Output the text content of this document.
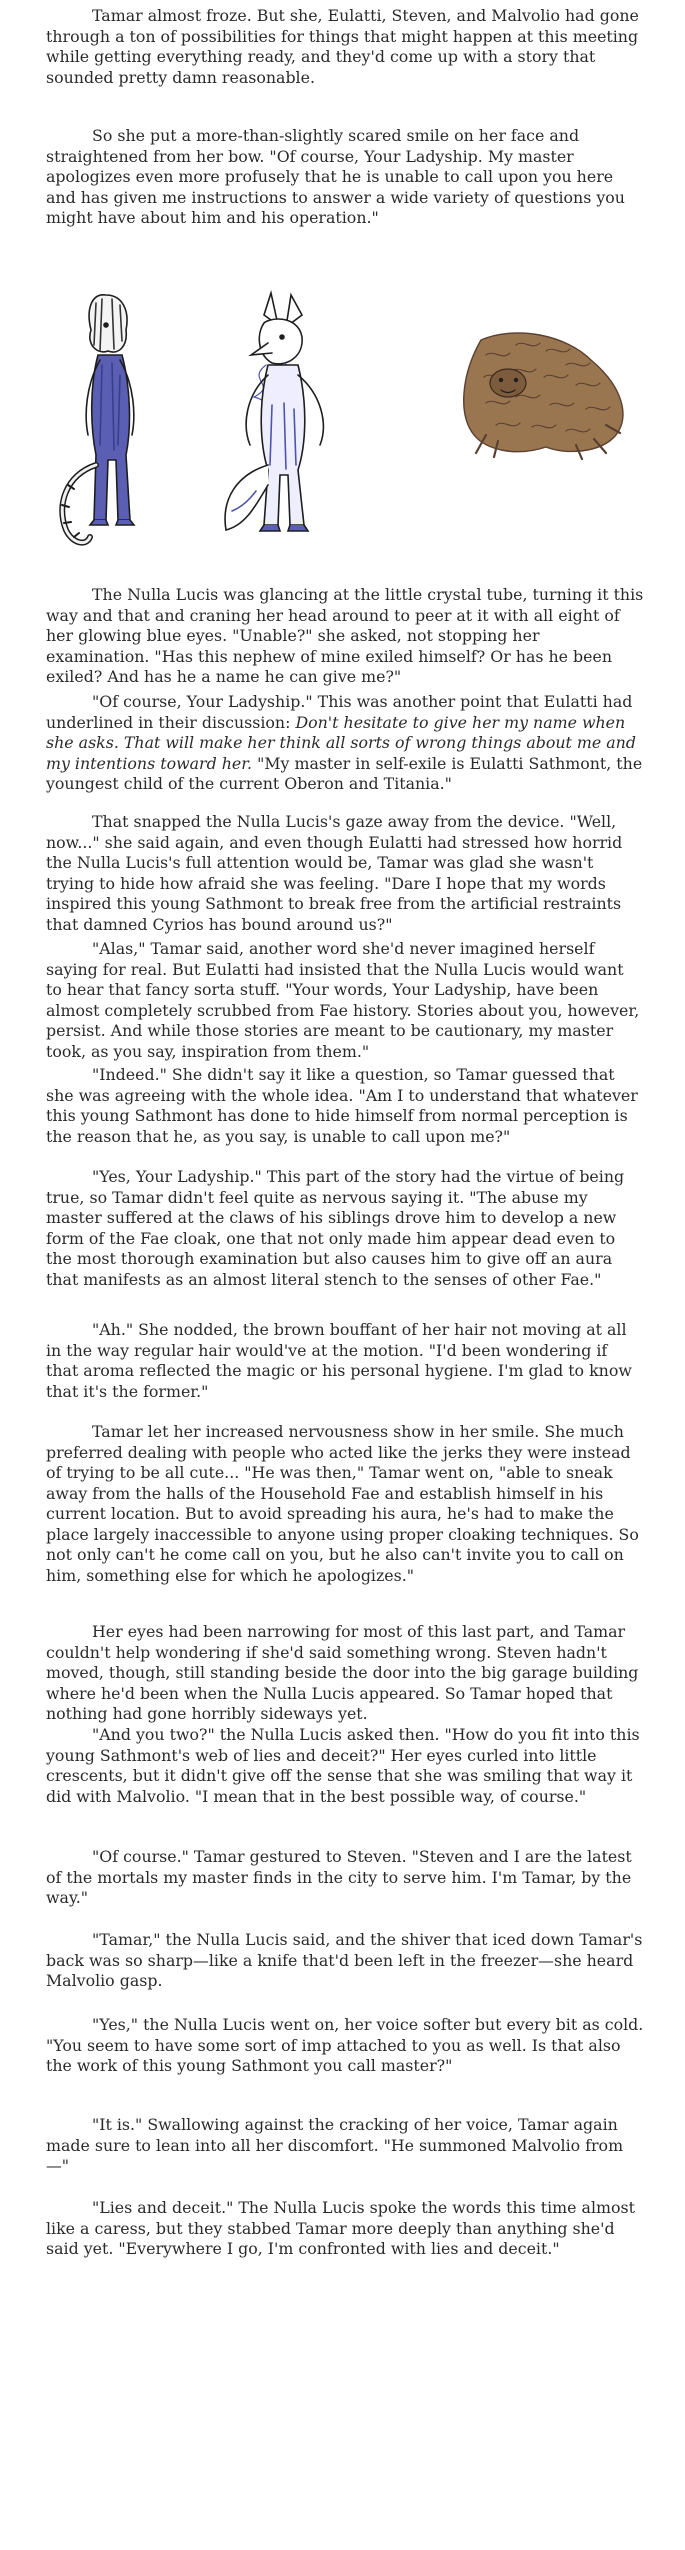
Tamar almost froze. But she, Eulatti, Steven, and Malvolio had gone through a ton of possibilities for things that might happen at this meeting while getting everything ready, and they'd come up with a story that sounded pretty damn reasonable.

So she put a more-than-slightly scared smile on her face and straightened from her bow. "Of course, Your Ladyship. My master apologizes even more profusely that he is unable to call upon you here and has given me instructions to answer a wide variety of questions you might have about him and his operation."

The Nulla Lucis was glancing at the little crystal tube, turning it this way and that and craning her head around to peer at it with all eight of her glowing blue eyes. "Unable?" she asked, not stopping her examination. "Has this nephew of mine exiled himself? Or has he been exiled? And has he a name he can give me?"

"Of course, Your Ladyship." This was another point that Eulatti had underlined in their discussion: Don't hesitate to give her my name when she asks. That will make her think all sorts of wrong things about me and my intentions toward her. "My master in self-exile is Eulatti Sathmont, the youngest child of the current Oberon and Titania."

That snapped the Nulla Lucis's gaze away from the device. "Well, now..." she said again, and even though Eulatti had stressed how horrid the Nulla Lucis's full attention would be, Tamar was glad she wasn't trying to hide how afraid she was feeling. "Dare I hope that my words inspired this young Sathmont to break free from the artificial restraints that damned Cyrios has bound around us?"

"Alas," Tamar said, another word she'd never imagined herself saying for real. But Eulatti had insisted that the Nulla Lucis would want to hear that fancy sorta stuff. "Your words, Your Ladyship, have been almost completely scrubbed from Fae history. Stories about you, however, persist. And while those stories are meant to be cautionary, my master took, as you say, inspiration from them."

"Indeed." She didn't say it like a question, so Tamar guessed that she was agreeing with the whole idea. "Am I to understand that whatever this young Sathmont has done to hide himself from normal perception is the reason that he, as you say, is unable to call upon me?"

"Yes, Your Ladyship." This part of the story had the virtue of being true, so Tamar didn't feel quite as nervous saying it. "The abuse my master suffered at the claws of his siblings drove him to develop a new form of the Fae cloak, one that not only made him appear dead even to the most thorough examination but also causes him to give off an aura that manifests as an almost literal stench to the senses of other Fae."

"Ah." She nodded, the brown bouffant of her hair not moving at all in the way regular hair would've at the motion. "I'd been wondering if that aroma reflected the magic or his personal hygiene. I'm glad to know that it's the former."

Tamar let her increased nervousness show in her smile. She much preferred dealing with people who acted like the jerks they were instead of trying to be all cute... "He was then," Tamar went on, "able to sneak away from the halls of the Household Fae and establish himself in his current location. But to avoid spreading his aura, he's had to make the place largely inaccessible to anyone using proper cloaking techniques. So not only can't he come call on you, but he also can't invite you to call on him, something else for which he apologizes."

Her eyes had been narrowing for most of this last part, and Tamar couldn't help wondering if she'd said something wrong. Steven hadn't moved, though, still standing beside the door into the big garage building where he'd been when the Nulla Lucis appeared. So Tamar hoped that nothing had gone horribly sideways yet.

"And you two?" the Nulla Lucis asked then. "How do you fit into this young Sathmont's web of lies and deceit?" Her eyes curled into little crescents, but it didn't give off the sense that she was smiling that way it did with Malvolio. "I mean that in the best possible way, of course."

"Of course." Tamar gestured to Steven. "Steven and I are the latest of the mortals my master finds in the city to serve him. I'm Tamar, by the way."

"Tamar," the Nulla Lucis said, and the shiver that iced down Tamar's back was so sharp—like a knife that'd been left in the freezer—she heard Malvolio gasp.

"Yes," the Nulla Lucis went on, her voice softer but every bit as cold. "You seem to have some sort of imp attached to you as well. Is that also the work of this young Sathmont you call master?"

"It is." Swallowing against the cracking of her voice, Tamar again made sure to lean into all her discomfort. "He summoned Malvolio from—"

"Lies and deceit." The Nulla Lucis spoke the words this time almost like a caress, but they stabbed Tamar more deeply than anything she'd said yet. "Everywhere I go, I'm confronted with lies and deceit."
